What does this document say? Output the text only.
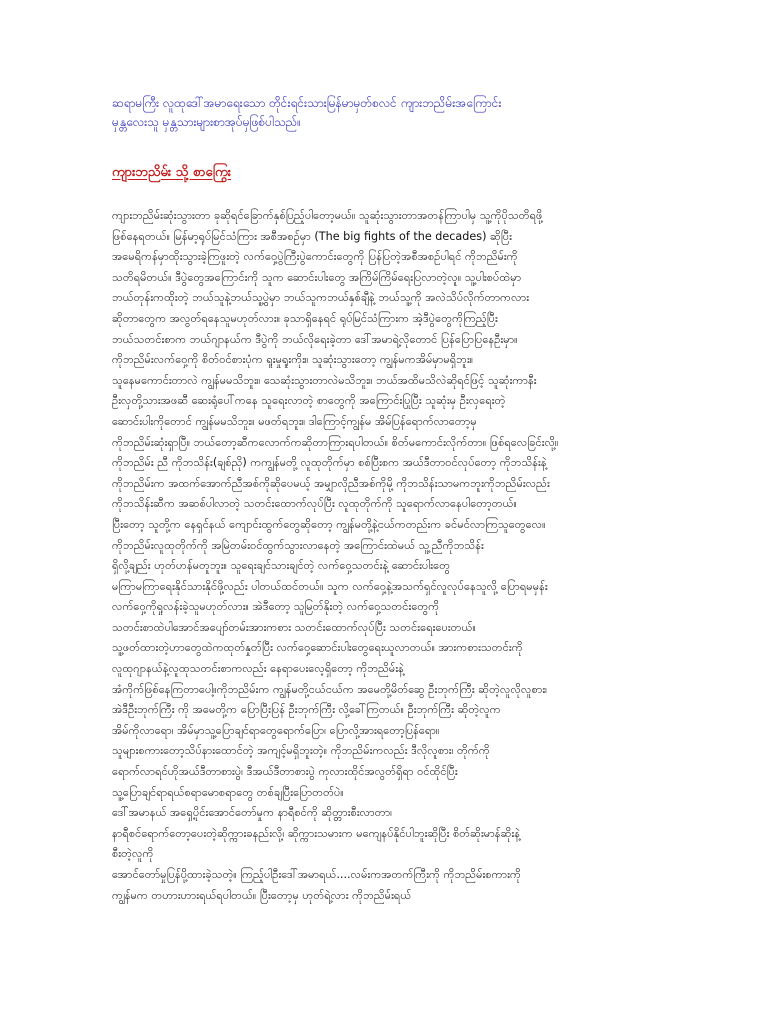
ဆရာမကြီး လူထုဒေါ်အမာရေးသော တိုင်းရင်းသားမြန်မာမှတ်စလင် ကျားဘညိမ်းအကြောင်း
မှန္တလေးသူ မှန္တသားများစာအုပ်မှဖြစ်ပါသည်။
ကျားဘညိမ်း သို့ စာကြွေး
ကျားဘညိမ်းဆုံးသွားတာ ခုဆိုရင်ခြောက်နှစ်ပြည့်ပါတော့မယ်။ သူဆုံးသွားတာအတန်ကြာပါမှ သူ့ကိုပိုသတိရဖို့
ဖြစ်နေရတယ်။ မြန်မာ့ရုပ်မြင်သံကြား အစီအစဉ်မှာ (The big fights of the decades) ဆိုပြီး
အမေရိကန်မှာထိုးသွားခဲ့ကြဖူးတဲ့ လက်ဝှေ့ပွဲကြီးပွဲကောင်းတွေကို ပြန်ပြတဲ့အစီအစဉ်ပါရင် ကိုဘညိမ်းကို
သတိရမိတယ်။ ဒီပွဲတွေအကြောင်းကို သူက ဆောင်းပါးတွေ အကြိမ်ကြိမ်ရေးပြလာတဲ့လူ။ သူ့ပါးစပ်ထဲမှာ
ဘယ်တုန်းကထိုးတဲ့ ဘယ်သူနဲ့ဘယ်သူ့ပွဲမှာ ဘယ်သူကဘယ်နှစ်ချီနဲ့ ဘယ်သူ့ကို အလဲသိပ်လိုက်တာကလား
ဆိုတာတွေက အလွတ်ရနေသူမဟုတ်လား။ ခုသာရှိနေရင် ရုပ်မြင်သံကြားက အဲ့ဒီပွဲတွေကိုကြည့်ပြီး
ဘယ်သတင်းစာက ဘယ်ဂျာနယ်က ဒီပွဲကို ဘယ်လိုရေးခဲ့တာ ဒေါ်အမာရဲ့လိုတောင် ပြန်ပြောပြနေဦးမှာ။
ကိုဘညိမ်းလက်ဝှေ့ကို စိတ်ဝင်စားပုံက ရူးမှုရူးကိုး။ သူဆုံးသွားတော့ ကျွန်မကအိမ်မှာမရှိဘူး။
သူနေမကောင်းတာလဲ ကျွန်မမသိဘူး။ သေဆုံးသွားတာလဲမသိဘူး။ ဘယ်အထိမသိလဲဆိုရင်ဖြင့် သူဆုံးကာနီး
ဦးလှတို့သားအဖဆီ ဆေးရုံပေါ်ကနေ သူရေးလာတဲ့ စာတွေကို အကြောင်းပြုပြီး သူဆုံးမှ ဦးလှရေးတဲ့
ဆောင်းပါးကိုတောင် ကျွန်မမသိဘူး။ မဖတ်ရဘူး။ ဒါကြောင့်ကျွန်မ အိမ်ပြန်ရောက်လာတော့မှ
ကိုဘညိမ်းဆုံးရှာပြီ။ ဘယ်တော့ဆီကလောက်ကဆိုတာကြားရပါတယ်။ စိတ်မကောင်းလိုက်တာ။ ဖြစ်ရလေခြင်းလို့။
ကိုဘညိမ်း ညီ ကိုဘသိန်း(ချစ်ညို) ကကျွန်မတို့ လူထုတိုက်မှာ စစ်ပြီးစက အယ်ဒီတာဝင်လုပ်တော့ ကိုဘသိန်းနဲ့
ကိုဘညိမ်းက အထက်အောက်ညီအစ်ကိုဆိုပေမယ့် အမျှာလိုညီအစ်ကိုမို့ ကိုဘသိန်းသာမကဘူးကိုဘညိမ်းလည်း
ကိုဘသိန်းဆီက အဆစ်ပါလာတဲ့ သတင်းထောက်လုပ်ပြီး လူထုတိုက်ကို သူရောက်လာနေပါတော့တယ်။
ပြီးတော့ သူတို့က နေရှင်နယ် ကျောင်းထွက်တွေဆိုတော့ ကျွန်မတို့နဲ့ငယ်ကတည်းက ခင်မင်လာကြသူတွေလေ။
ကိုဘညိမ်းလူထုတိုက်ကို အမြဲတမ်းဝင်ထွက်သွားလာနေတဲ့ အကြောင်းထဲမယ် သူ့ညီကိုဘသိန်း
ရှိလို့ချည်း ဟုတ်ဟန်မတူဘူး။ သူရေးချင်သားချင်တဲ့ လက်ဝှေ့သတင်းနဲ့ ဆောင်းပါးတွေ
မကြာမကြာရေးနိုင်သားနိုင်ဖို့လည်း ပါတယ်ထင်တယ်။ သူက လက်ဝှေ့နဲ့အသက်ရှင်လူလုပ်နေသူလို့ ပြောရမမှန်း
လက်ဝှေ့ကိုရှုလန်းခဲ့သူမဟုတ်လား။ အဲဒီတော့ သူမြတ်နိုးတဲ့ လက်ဝှေ့သတင်းတွေကို
သတင်းစာထဲပါအောင်အပျော်တမ်းအားကစား သတင်းထောက်လုပ်ပြီး သတင်းရေးပေးတယ်။
သူ့ဖတ်ထားတဲ့ဟာတွေထဲကထုတ်နှုတ်ပြီး လက်ဝှေ့ဆောင်းပါးတွေရေးယူလာတယ်။ အားကစားသတင်းကို
လူထုဂျာနယ်နဲ့လူထုသတင်းစာကလည်း နေရာပေးလေ့ရှိတော့ ကိုဘညိမ်းနဲ့
အံကိုက်ဖြစ်နေကြတာပေါ့။ကိုဘညိမ်းက ကျွန်မတို့ငယ်ငယ်က အမေတို့မိတ်ဆွေ ဦးဘုက်ကြီး ဆိုတဲ့လူလိုလူစား၊
အဲဒီဦးဘုက်ကြီး ကို အမေတို့က ပြောပြီးပြန် ဦးဘုက်ကြီး လို့ခေါ်ကြတယ်။ ဦးဘုက်ကြီး ဆိုတဲ့လူက
အိမ်ကိုလာရော၊ အိမ်မှာသူ့ပြောချင်ရာတွေရောက်ပြော၊ ပြောလို့အားရတော့ပြန်ရော။
သူများစကားတော့သိပ်နားထောင်တဲ့ အကျင့်မရှိဘူးတဲ့။ ကိုဘညိမ်းကလည်း ဒီလိုလူစား၊ တိုက်ကို
ရောက်လာရင်ဟိုအယ်ဒီတာစားပွဲ၊ ဒီအယ်ဒီတာစားပွဲ ကုလားထိုင်အလွတ်ရှိရာ ဝင်ထိုင်ပြီး
သူ့ပြောချင်ရာရယ်စရာမောစရာတွေ တစ်ချပြီးပြောတတ်ပဲ။
ဒေါ်အမာနယ် အရှေ့ပိုင်းအောင်တော်မှုက နာရီစင်ကို ဆိုတ္တားစီးလာတာ၊
နာရီစင်ရောက်တော့ပေးတဲ့ဆိုက္ကားခနည်းလို့၊ ဆိုက္ကားသမားက မကျေနပ်နိုင်ပါဘူးဆိုပြီး စိတ်ဆိုးမာန်ဆိုးနဲ့
စီးတဲ့လူကို
အောင်တော်မှုပြန်ပို့ထားခဲ့သတဲ့။ ကြည့်ပါဦးဒေါ်အမာရယ်....လမ်းကအတက်ကြီးကို ကိုဘညိမ်းစကားကို
ကျွန်မက တဟားဟားရယ်ရပါတယ်။ ပြီးတော့မှ ဟုတ်ရဲ့လား ကိုဘညိမ်းရယ်
